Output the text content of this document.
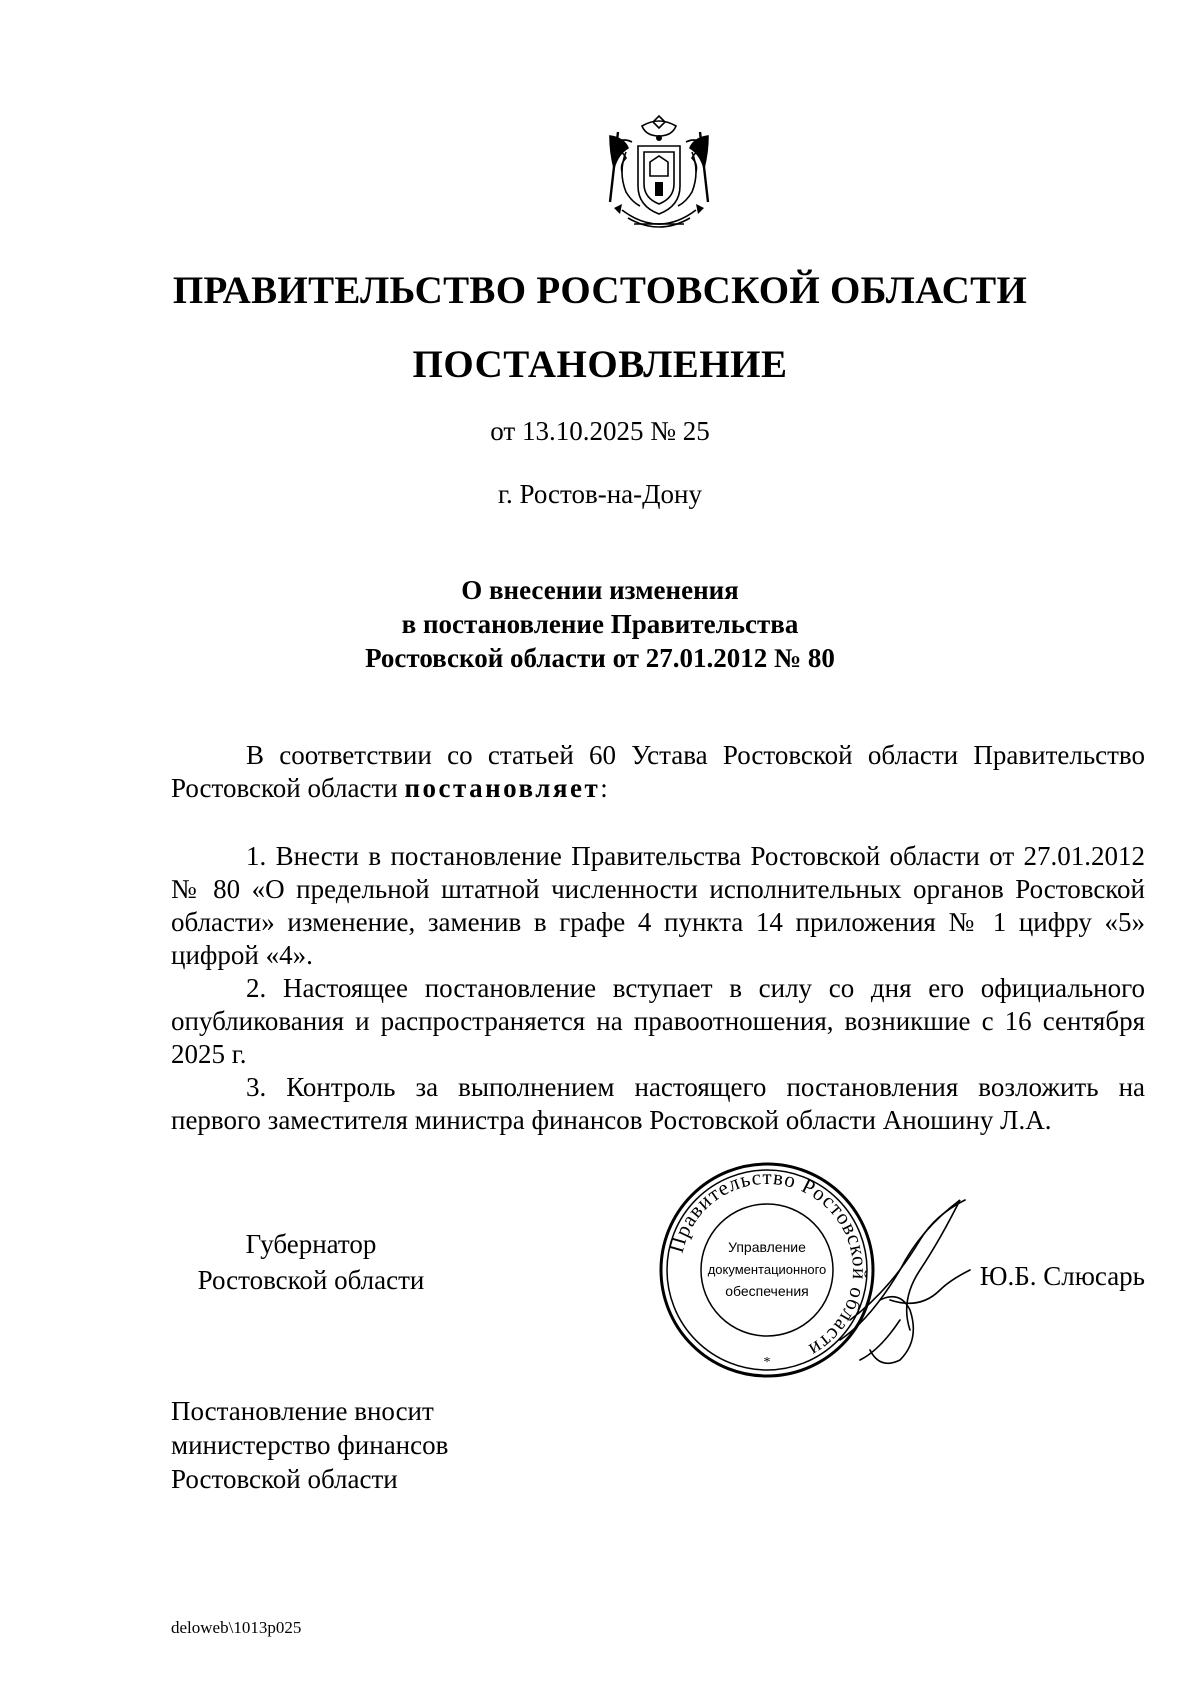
ПРАВИТЕЛЬСТВО РОСТОВСКОЙ ОБЛАСТИ
ПОСТАНОВЛЕНИЕ
от 13.10.2025 № 25
г. Ростов-на-Дону
О внесении изменения
в постановление Правительства
Ростовской области от 27.01.2012 № 80

В соответствии со статьей 60 Устава Ростовской области Правительство Ростовской области постановляет:

1. Внести в постановление Правительства Ростовской области от 27.01.2012 № 80 «О предельной штатной численности исполнительных органов Ростовской области» изменение, заменив в графе 4 пункта 14 приложения № 1 цифру «5» цифрой «4».

2. Настоящее постановление вступает в силу со дня его официального опубликования и распространяется на правоотношения, возникшие с 16 сентября 2025 г.

3. Контроль за выполнением настоящего постановления возложить на первого заместителя министра финансов Ростовской области Аношину Л.А.

Губернатор
Ростовской области
Правительство Ростовской области
Управление
документационного
обеспечения
*
Ю.Б. Слюсарь
Постановление вносит
министерство финансов
Ростовской области
deloweb\1013p025
